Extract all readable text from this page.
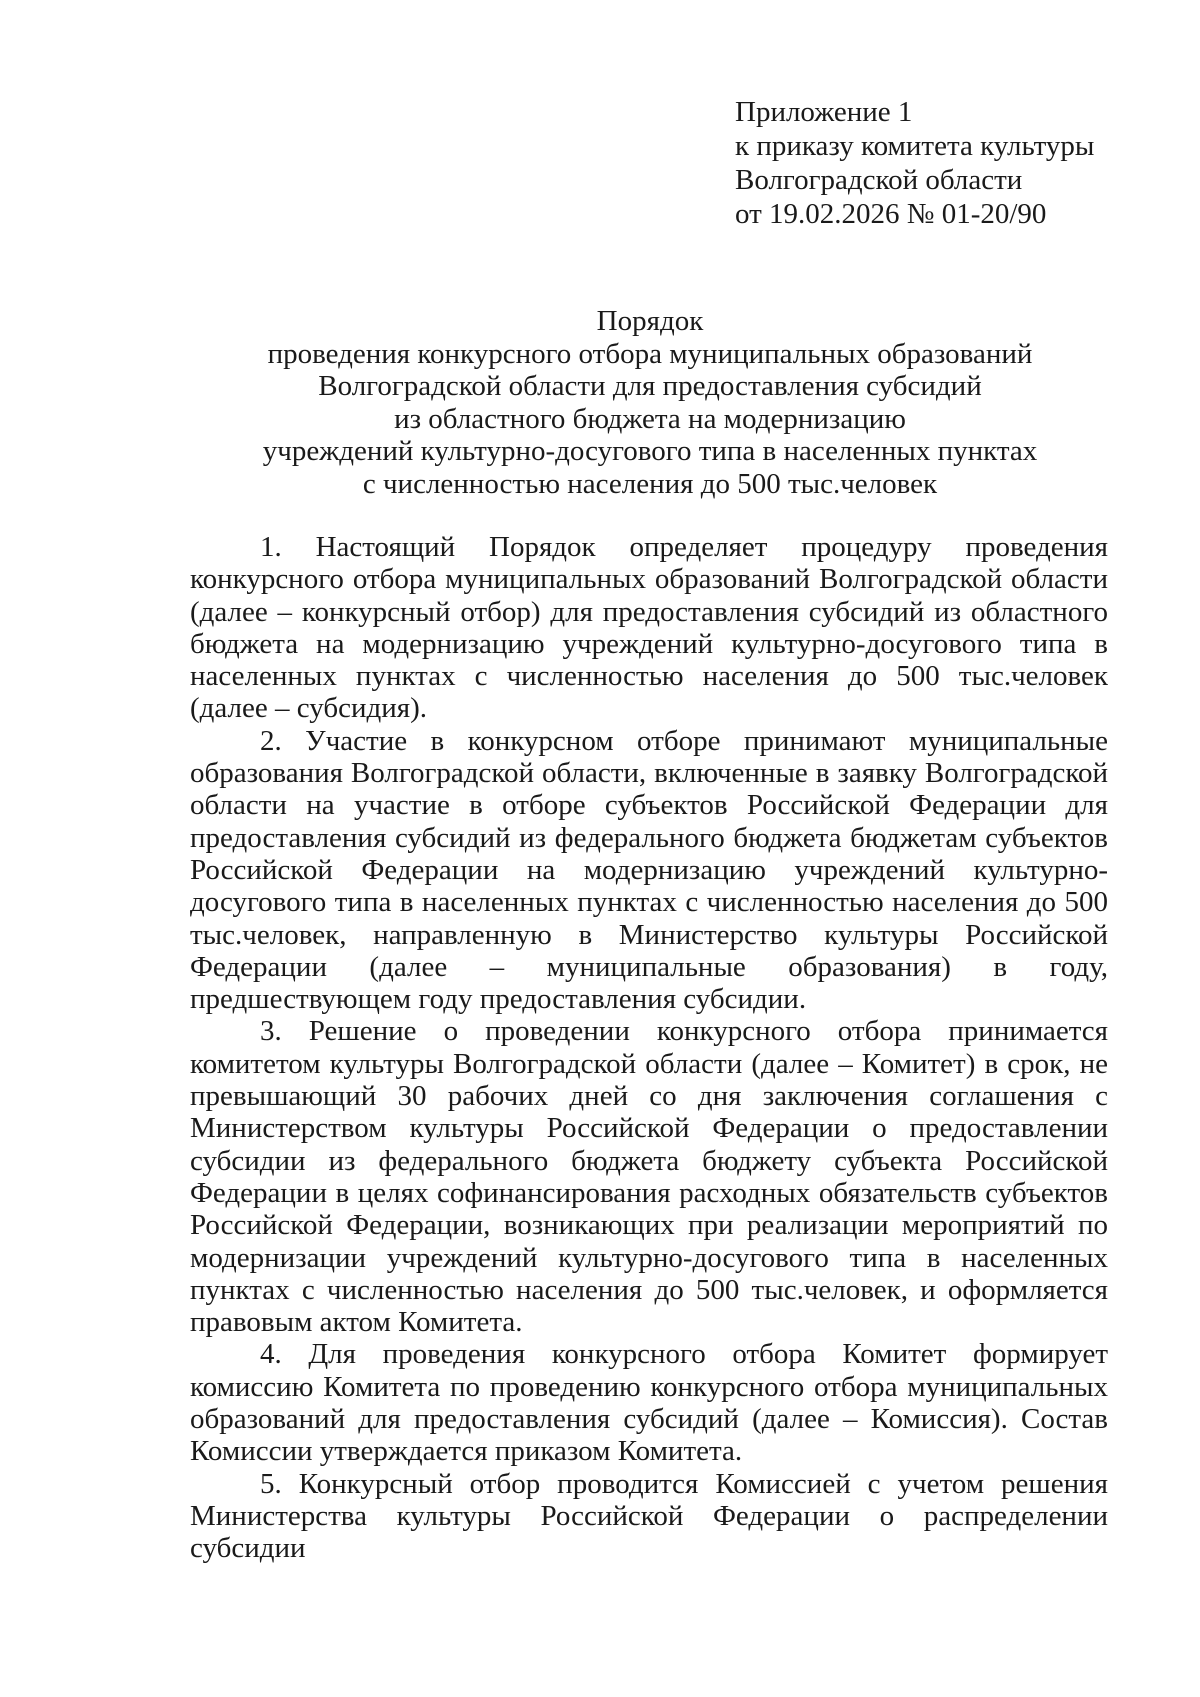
Приложение 1
к приказу комитета культуры
Волгоградской области
от 19.02.2026 № 01-20/90
Порядок
проведения конкурсного отбора муниципальных образований
Волгоградской области для предоставления субсидий
из областного бюджета на модернизацию
учреждений культурно-досугового типа в населенных пунктах
с численностью населения до 500 тыс.человек

1. Настоящий Порядок определяет процедуру проведения конкурсного отбора муниципальных образований Волгоградской области (далее – конкурсный отбор) для предоставления субсидий из областного бюджета на модернизацию учреждений культурно-досугового типа в населенных пунктах с численностью населения до 500 тыс.человек (далее – субсидия).

2. Участие в конкурсном отборе принимают муниципальные образования Волгоградской области, включенные в заявку Волгоградской области на участие в отборе субъектов Российской Федерации для предоставления субсидий из федерального бюджета бюджетам субъектов Российской Федерации на модернизацию учреждений культурно-досугового типа в населенных пунктах с численностью населения до 500 тыс.человек, направленную в Министерство культуры Российской Федерации (далее – муниципальные образования) в году, предшествующем году предоставления субсидии.

3. Решение о проведении конкурсного отбора принимается комитетом культуры Волгоградской области (далее – Комитет) в срок, не превышающий 30 рабочих дней со дня заключения соглашения с Министерством культуры Российской Федерации о предоставлении субсидии из федерального бюджета бюджету субъекта Российской Федерации в целях софинансирования расходных обязательств субъектов Российской Федерации, возникающих при реализации мероприятий по модернизации учреждений культурно-досугового типа в населенных пунктах с численностью населения до 500 тыс.человек, и оформляется правовым актом Комитета.

4. Для проведения конкурсного отбора Комитет формирует комиссию Комитета по проведению конкурсного отбора муниципальных образований для предоставления субсидий (далее – Комиссия). Состав Комиссии утверждается приказом Комитета.

5. Конкурсный отбор проводится Комиссией с учетом решения Министерства культуры Российской Федерации о распределении субсидии
